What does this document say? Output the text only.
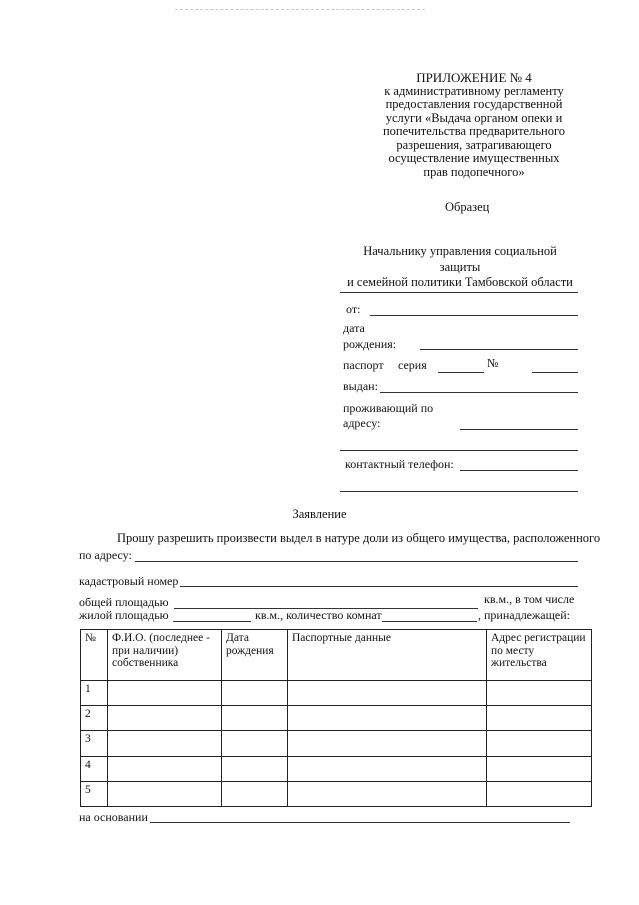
ПРИЛОЖЕНИЕ № 4
к административному регламенту
предоставления государственной
услуги «Выдача органом опеки и
попечительства предварительного
разрешения, затрагивающего
осуществление имущественных
прав подопечного»
Образец
Начальнику управления социальной защиты
и семейной политики Тамбовской области
от:
дата
рождения:
паспорт серия	№
выдан:
проживающий по
адресу:
контактный телефон:
Заявление
Прошу разрешить произвести выдел в натуре доли из общего имущества, расположенного
по адресу:
кадастровый номер
общей площадью	кв.м., в том числе
жилой площадью	кв.м., количество комнат	, принадлежащей:
№	Ф.И.О. (последнее - при наличии) собственника	Дата рождения	Паспортные данные	Адрес регистрации по месту жительства
1				
2				
3				
4				
5				
на основании
